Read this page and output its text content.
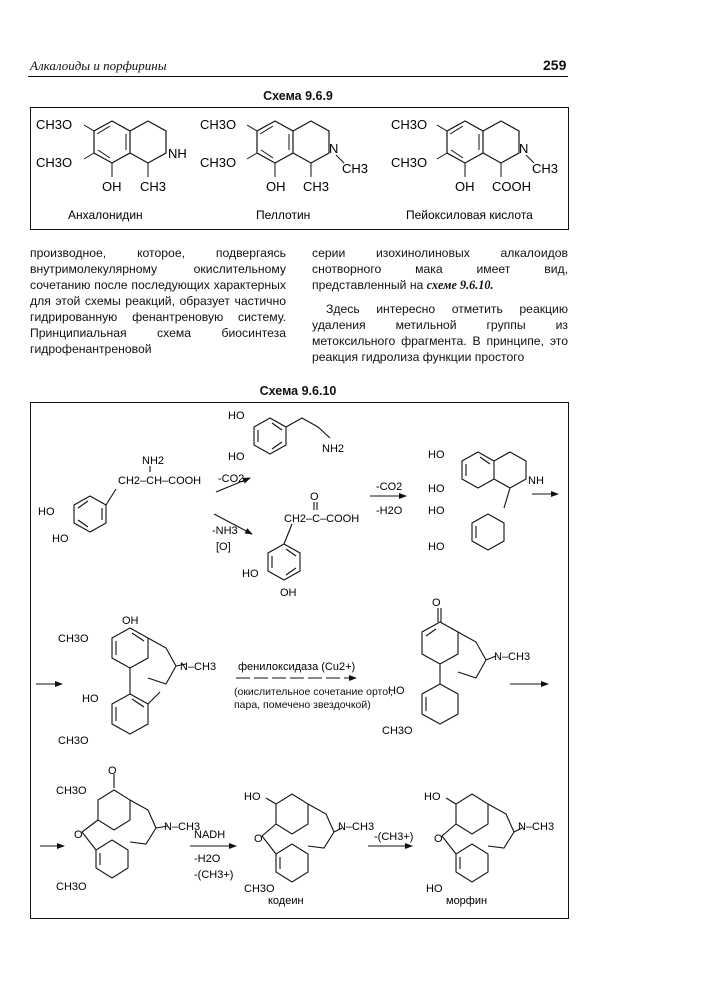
Алкалоиды и порфирины	259
Схема 9.6.9
CH3O
CH3O
OH
NH
CH3
Анхалонидин
CH3O
CH3O
OH
N
CH3
CH3
Пеллотин
CH3O
CH3O
OH
N
CH3
COOH
Пейоксиловая кислота

производное, которое, подвергаясь внутримолекулярному окислительному сочетанию после последующих характерных для этой схемы реакций, образует частично гидрированную фенантреновую систему. Принципиальная схема биосинтеза гидрофенантреновой

серии изохинолиновых алкалоидов снотворного мака имеет вид, представленный на схеме 9.6.10.

Здесь интересно отметить реакцию удаления метильной группы из метоксильного фрагмента. В принципе, это реакция гидролиза функции простого

Схема 9.6.10
NH2
CH2–CH–COOH
HO
HO
-CO2
-NH3
[O]
HO
HO
NH2
O
CH2–C–COOH
HO
OH
-CO2
-H2O
HO
HO
NH
HO
HO
OH
CH3O
N–CH3
HO
CH3O
фенилоксидаза (Cu2+)
(окислительное сочетание орто', пара, помечено звездочкой)
O
N–CH3
HO
CH3O
O
CH3O
O
N–CH3
CH3O
NADH
-H2O
-(CH3+)
HO
O
N–CH3
CH3O
кодеин
-(CH3+)
HO
O
N–CH3
HO
морфин
